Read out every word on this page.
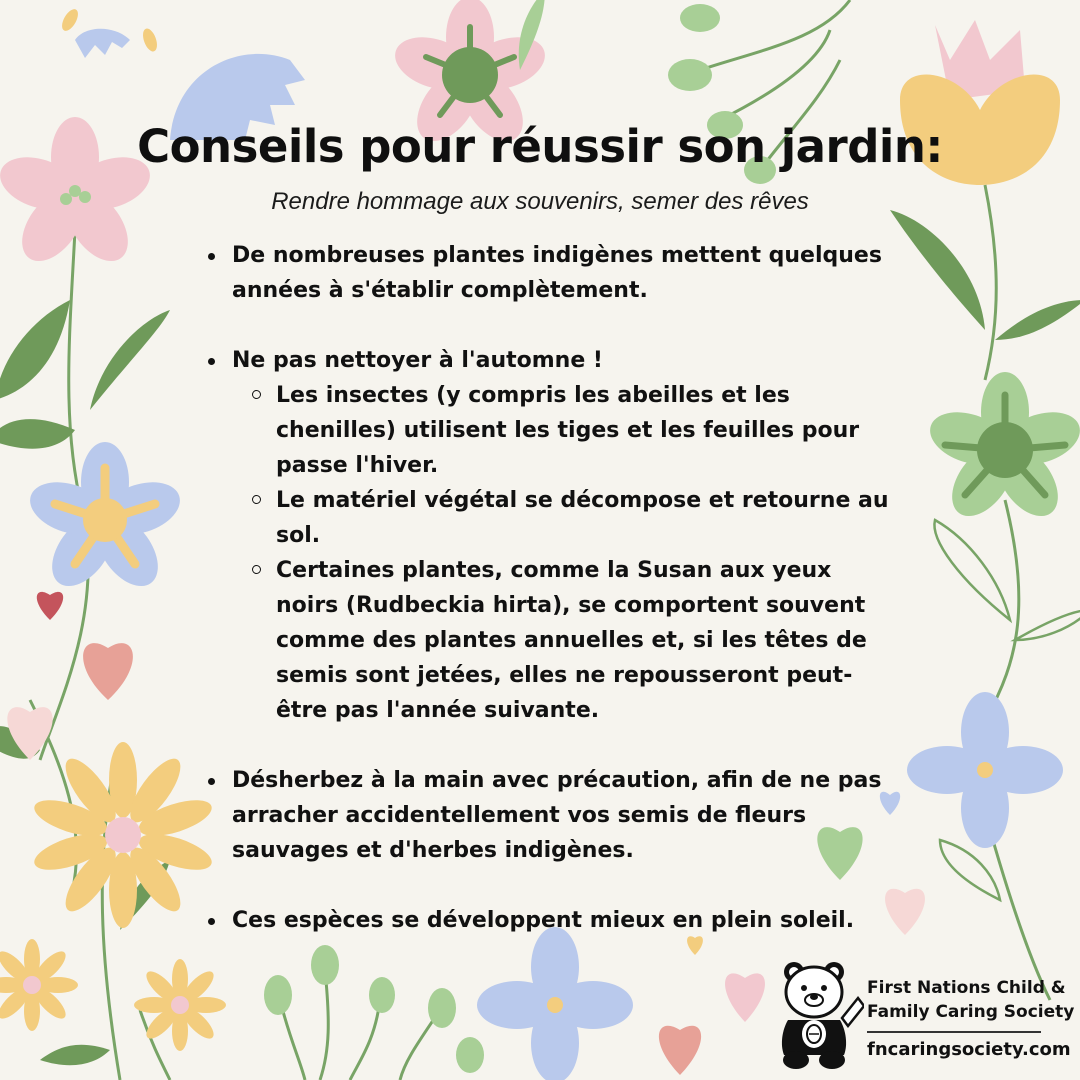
Conseils pour réussir son jardin:

Rendre hommage aux souvenirs, semer des rêves

De nombreuses plantes indigènes mettent quelques années à s'établir complètement.
Ne pas nettoyer à l'automne !
Les insectes (y compris les abeilles et les chenilles) utilisent les tiges et les feuilles pour passe l'hiver.
Le matériel végétal se décompose et retourne au sol.
Certaines plantes, comme la Susan aux yeux noirs (Rudbeckia hirta), se comportent souvent comme des plantes annuelles et, si les têtes de semis sont jetées, elles ne repousseront peut-être pas l'année suivante.
Désherbez à la main avec précaution, afin de ne pas arracher accidentellement vos semis de fleurs sauvages et d'herbes indigènes.
Ces espèces se développent mieux en plein soleil.
First Nations Child &
Family Caring Society
fncaringsociety.com
